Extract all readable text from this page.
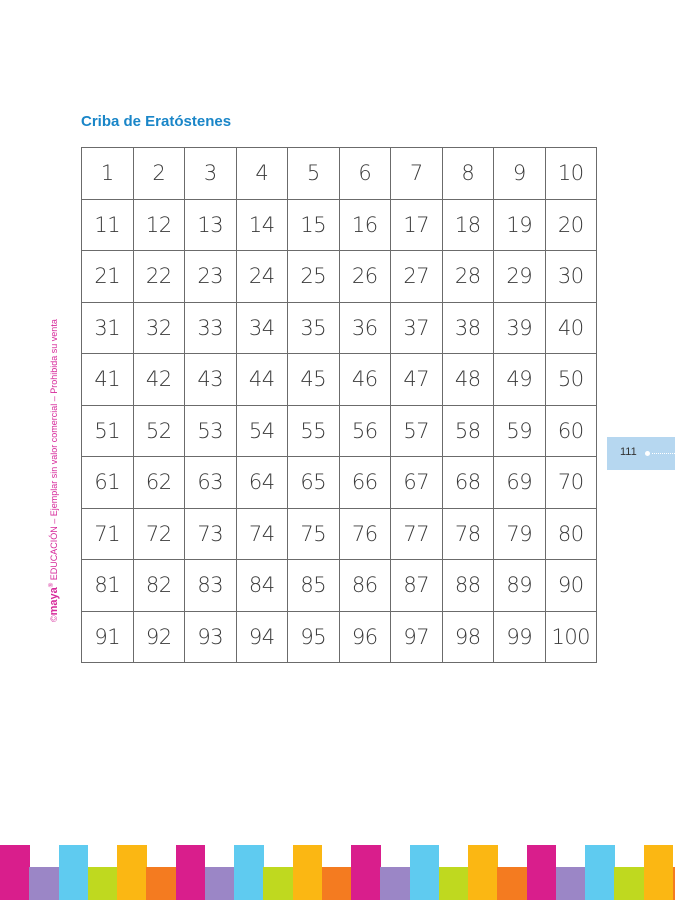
Criba de Eratóstenes
1	2	3	4	5	6	7	8	9	10
11	12	13	14	15	16	17	18	19	20
21	22	23	24	25	26	27	28	29	30
31	32	33	34	35	36	37	38	39	40
41	42	43	44	45	46	47	48	49	50
51	52	53	54	55	56	57	58	59	60
61	62	63	64	65	66	67	68	69	70
71	72	73	74	75	76	77	78	79	80
81	82	83	84	85	86	87	88	89	90
91	92	93	94	95	96	97	98	99 100
©maya® EDUCACIÓN – Ejemplar sin valor comercial – Prohibida su venta	111
